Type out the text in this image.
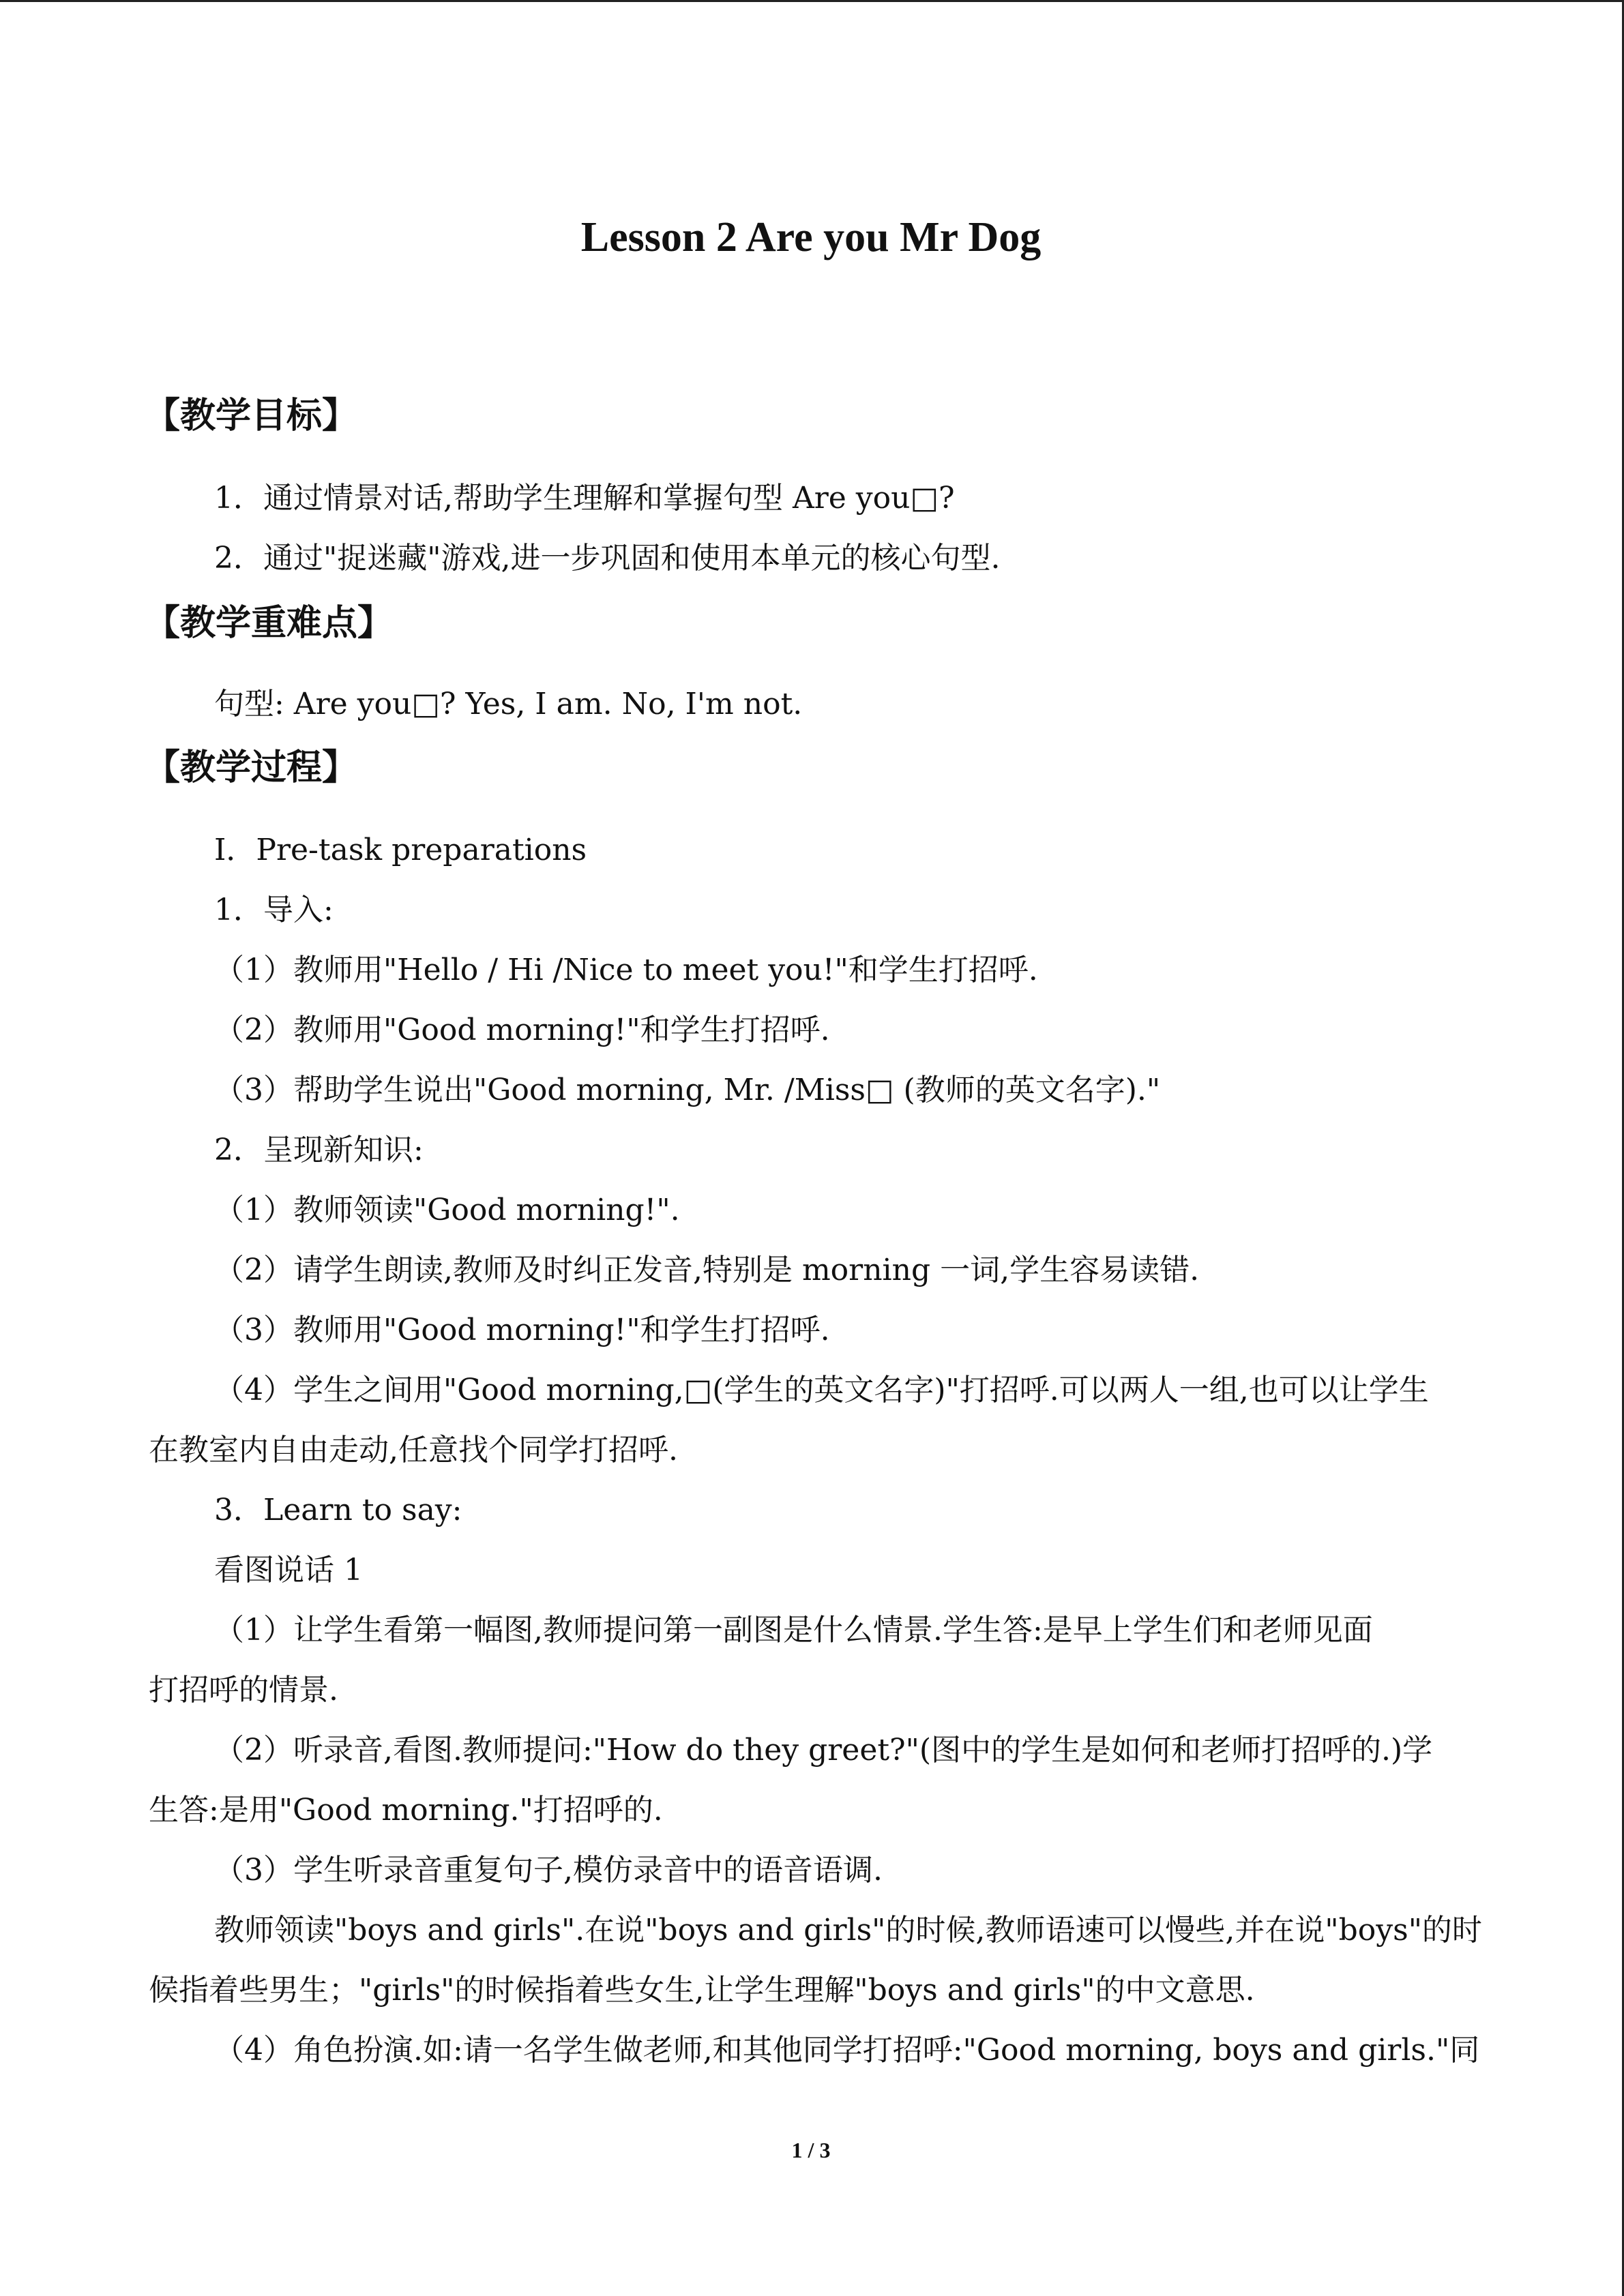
Lesson 2 Are you Mr Dog
【教学目标】

1．通过情景对话,帮助学生理解和掌握句型 Are you□?

2．通过"捉迷藏"游戏,进一步巩固和使用本单元的核心句型.

【教学重难点】

句型: Are you□? Yes, I am. No, I'm not.

【教学过程】

Ⅰ．Pre-task preparations

1．导入:

（1）教师用"Hello / Hi /Nice to meet you!"和学生打招呼.

（2）教师用"Good morning!"和学生打招呼.

（3）帮助学生说出"Good morning, Mr. /Miss□ (教师的英文名字)."

2．呈现新知识:

（1）教师领读"Good morning!".

（2）请学生朗读,教师及时纠正发音,特别是 morning 一词,学生容易读错.

（3）教师用"Good morning!"和学生打招呼.

（4）学生之间用"Good morning,□(学生的英文名字)"打招呼.可以两人一组,也可以让学生

在教室内自由走动,任意找个同学打招呼.

3．Learn to say:

看图说话 1

（1）让学生看第一幅图,教师提问第一副图是什么情景.学生答:是早上学生们和老师见面

打招呼的情景.

（2）听录音,看图.教师提问:"How do they greet?"(图中的学生是如何和老师打招呼的.)学

生答:是用"Good morning."打招呼的.

（3）学生听录音重复句子,模仿录音中的语音语调.

教师领读"boys and girls".在说"boys and girls"的时候,教师语速可以慢些,并在说"boys"的时

候指着些男生；"girls"的时候指着些女生,让学生理解"boys and girls"的中文意思.

（4）角色扮演.如:请一名学生做老师,和其他同学打招呼:"Good morning, boys and girls."同

1 / 3
